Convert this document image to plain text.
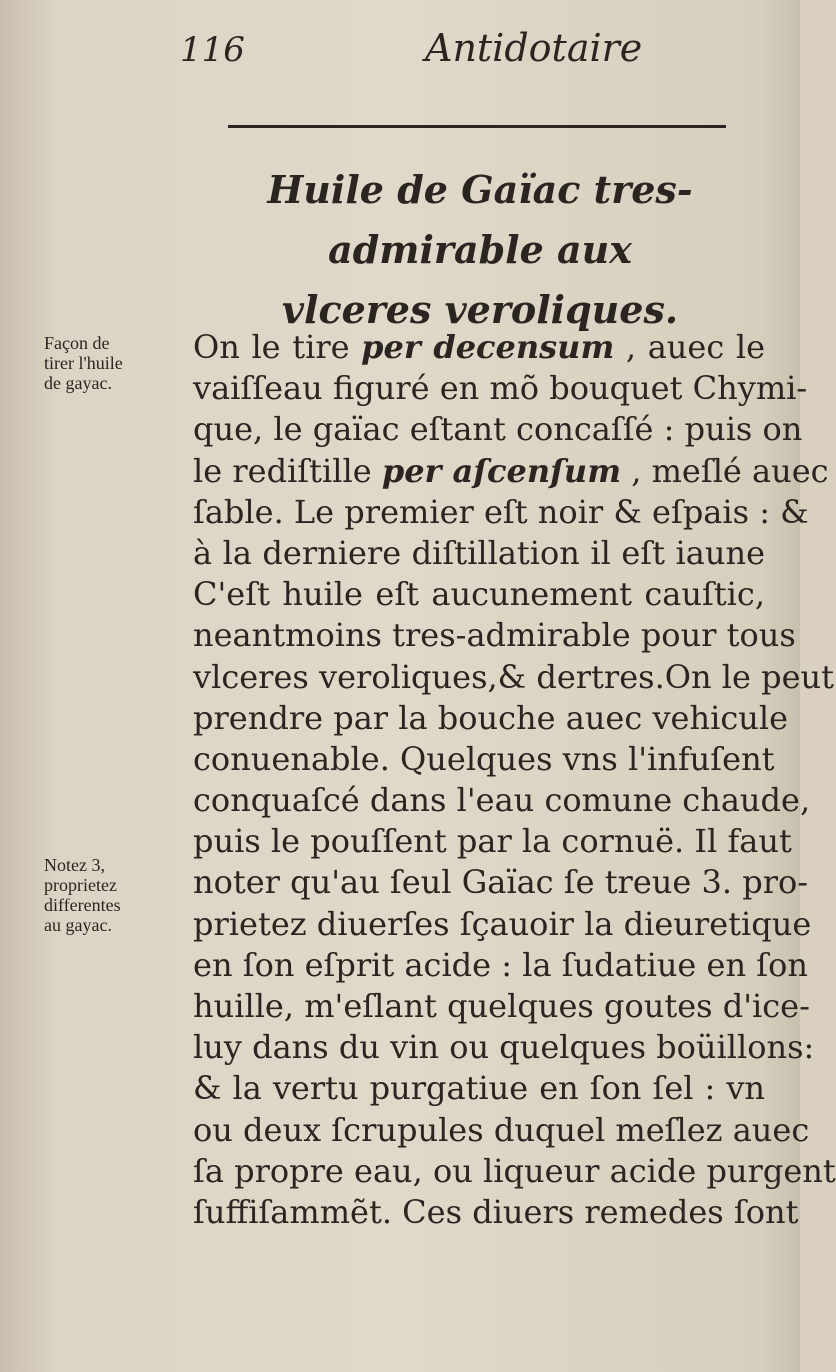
116	Antidotaire
Huile de Gaïac tres-admirable aux
vlceres veroliques.
Façon de
tirer l'huile
de gayac.
Notez 3,
proprietez
differentes
au gayac.
On le tire per decensum , auec le
vaiſſeau figuré en mõ bouquet Chymi-
que, le gaïac eſtant concaſſé : puis on
le rediſtille per aſcenſum , meſlé auec
ſable. Le premier eſt noir & eſpais : &
à la derniere diſtillation il eſt iaune
C'eſt huile eſt aucunement cauſtic,
neantmoins tres-admirable pour tous
vlceres veroliques,& dertres.On le peut
prendre par la bouche auec vehicule
conuenable. Quelques vns l'infuſent
conquaſcé dans l'eau comune chaude,
puis le pouſſent par la cornuë. Il faut
noter qu'au ſeul Gaïac ſe treue 3. pro-
prietez diuerſes ſçauoir la dieuretique
en ſon eſprit acide : la ſudatiue en ſon
huille, m'eſlant quelques goutes d'ice-
luy dans du vin ou quelques boüillons:
& la vertu purgatiue en ſon ſel : vn
ou deux ſcrupules duquel meſlez auec
ſa propre eau, ou liqueur acide purgent
ſuffiſammẽt. Ces diuers remedes ſont
